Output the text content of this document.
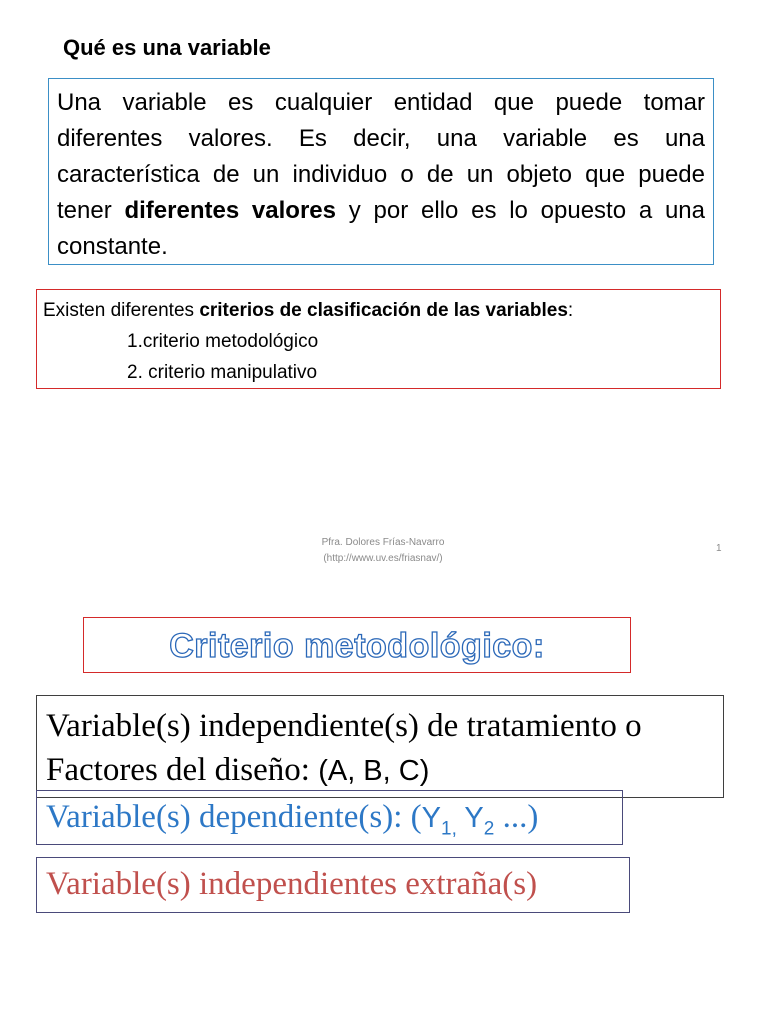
Qué es una variable

Una variable es cualquier entidad que puede tomar diferentes valores. Es decir, una variable es una característica de un individuo o de un objeto que puede tener diferentes valores y por ello es lo opuesto a una constante.

Existen diferentes criterios de clasificación de las variables:
1.criterio metodológico
2. criterio manipulativo
Pfra. Dolores Frías-Navarro
(http://www.uv.es/friasnav/)
1
Criterio metodológico:
Variable(s) independiente(s) de tratamiento o Factores del diseño: (A, B, C)
Variable(s) dependiente(s): ($Y_{1,}$ $Y_2$ ...)
Variable(s) independientes extraña(s)
